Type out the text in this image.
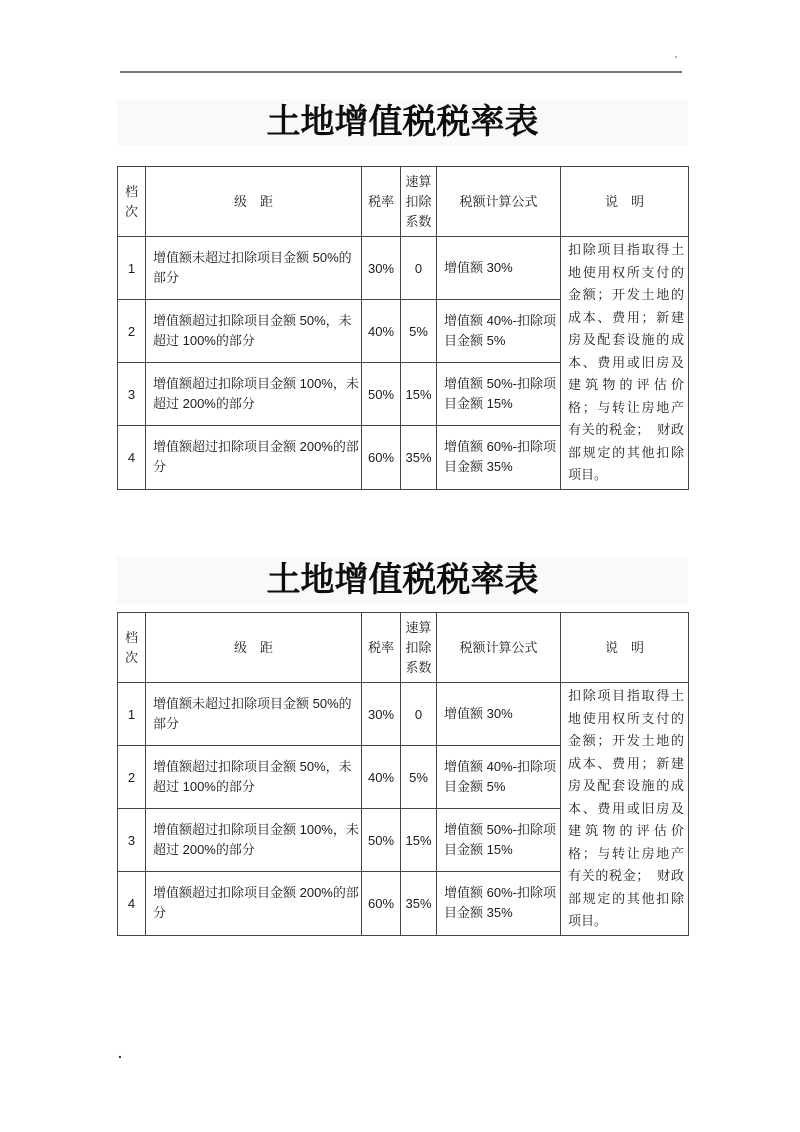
'
土地增值税税率表
档次	级　距	税率	速算扣除系数	税额计算公式	说　明
1	增值额未超过扣除项目金额 50%的部分	30%	0	增值额 30%	扣除项目指取得土地使用权所支付的金额；开发土地的成本、费用；新建房及配套设施的成本、费用或旧房及建筑物的评估价格；与转让房地产有关的税金；　财政部规定的其他扣除项目。
2	增值额超过扣除项目金额 50%，未超过 100%的部分	40%	5%	增值额 40%-扣除项目金额 5%	
3	增值额超过扣除项目金额 100%，未超过 200%的部分	50%	15%	增值额 50%-扣除项目金额 15%	
4	增值额超过扣除项目金额 200%的部分	60%	35%	增值额 60%-扣除项目金额 35%	
土地增值税税率表
档次	级　距	税率	速算扣除系数	税额计算公式	说　明
1	增值额未超过扣除项目金额 50%的部分	30%	0	增值额 30%	扣除项目指取得土地使用权所支付的金额；开发土地的成本、费用；新建房及配套设施的成本、费用或旧房及建筑物的评估价格；与转让房地产有关的税金；　财政部规定的其他扣除项目。
2	增值额超过扣除项目金额 50%，未超过 100%的部分	40%	5%	增值额 40%-扣除项目金额 5%	
3	增值额超过扣除项目金额 100%，未超过 200%的部分	50%	15%	增值额 50%-扣除项目金额 15%	
4	增值额超过扣除项目金额 200%的部分	60%	35%	增值额 60%-扣除项目金额 35%	
.
